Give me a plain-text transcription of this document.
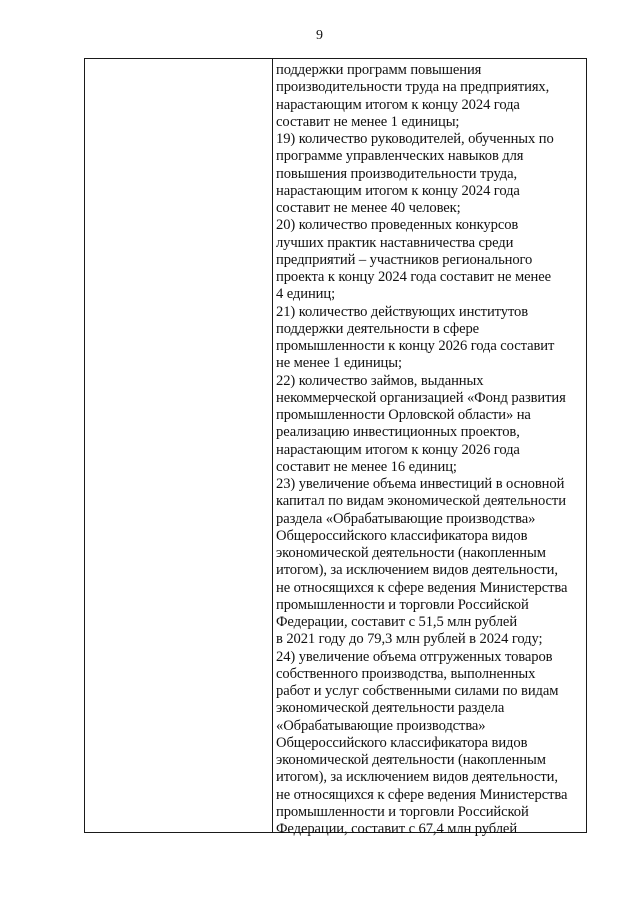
9
поддержки программ повышения
производительности труда на предприятиях,
нарастающим итогом к концу 2024 года
составит не менее 1 единицы;
19) количество руководителей, обученных по
программе управленческих навыков для
повышения производительности труда,
нарастающим итогом к концу 2024 года
составит не менее 40 человек;
20) количество проведенных конкурсов
лучших практик наставничества среди
предприятий – участников регионального
проекта к концу 2024 года составит не менее
4 единиц;
21) количество действующих институтов
поддержки деятельности в сфере
промышленности к концу 2026 года составит
не менее 1 единицы;
22) количество займов, выданных
некоммерческой организацией «Фонд развития
промышленности Орловской области» на
реализацию инвестиционных проектов,
нарастающим итогом к концу 2026 года
составит не менее 16 единиц;
23) увеличение объема инвестиций в основной
капитал по видам экономической деятельности
раздела «Обрабатывающие производства»
Общероссийского классификатора видов
экономической деятельности (накопленным
итогом), за исключением видов деятельности,
не относящихся к сфере ведения Министерства
промышленности и торговли Российской
Федерации, составит с 51,5 млн рублей
в 2021 году до 79,3 млн рублей в 2024 году;
24) увеличение объема отгруженных товаров
собственного производства, выполненных
работ и услуг собственными силами по видам
экономической деятельности раздела
«Обрабатывающие производства»
Общероссийского классификатора видов
экономической деятельности (накопленным
итогом), за исключением видов деятельности,
не относящихся к сфере ведения Министерства
промышленности и торговли Российской
Федерации, составит с 67,4 млн рублей
